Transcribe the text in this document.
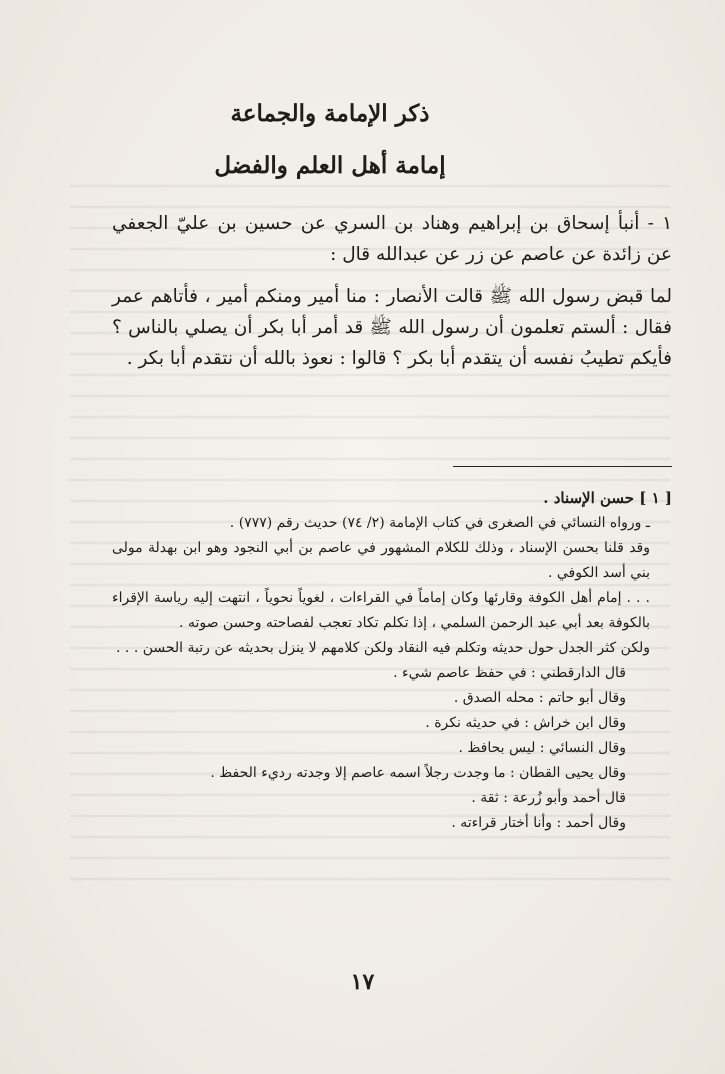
ذكر الإمامة والجماعة
إمامة أهل العلم والفضل

١ - أنبأ إسحاق بن إبراهيم وهناد بن السري عن حسين بن عليّ الجعفي عن زائدة عن عاصم عن زر عن عبدالله قال :

لما قبض رسول الله ﷺ قالت الأنصار : منا أمير ومنكم أمير ، فأتاهم عمر فقال : ألستم تعلمون أن رسول الله ﷺ قد أمر أبا بكر أن يصلي بالناس ؟ فأيكم تطيبُ نفسه أن يتقدم أبا بكر ؟ قالوا : نعوذ بالله أن نتقدم أبا بكر .

[ ١ ] حسن الإسناد .

ـ ورواه النسائي في الصغرى في كتاب الإمامة (٢/ ٧٤) حديث رقم (٧٧٧) .

وقد قلنا بحسن الإسناد ، وذلك للكلام المشهور في عاصم بن أبي النجود وهو ابن بهدلة مولى بني أسد الكوفي .

. . . إمام أهل الكوفة وقارئها وكان إماماً في القراءات ، لغوياً نحوياً ، انتهت إليه رياسة الإقراء بالكوفة بعد أبي عبد الرحمن السلمي ، إذا تكلم تكاد تعجب لفصاحته وحسن صوته .

ولكن كثر الجدل حول حديثه وتكلم فيه النقاد ولكن كلامهم لا ينزل بحديثه عن رتبة الحسن . . .

قال الدارقطني : في حفظ عاصم شيء .

وقال أبو حاتم : محله الصدق .

وقال ابن خراش : في حديثه نكرة .

وقال النسائي : ليس بحافظ .

وقال يحيى القطان : ما وجدت رجلاً اسمه عاصم إلا وجدته رديء الحفظ .

قال أحمد وأبو زُرعة : ثقة .

وقال أحمد : وأنا أختار قراءته .

١٧
